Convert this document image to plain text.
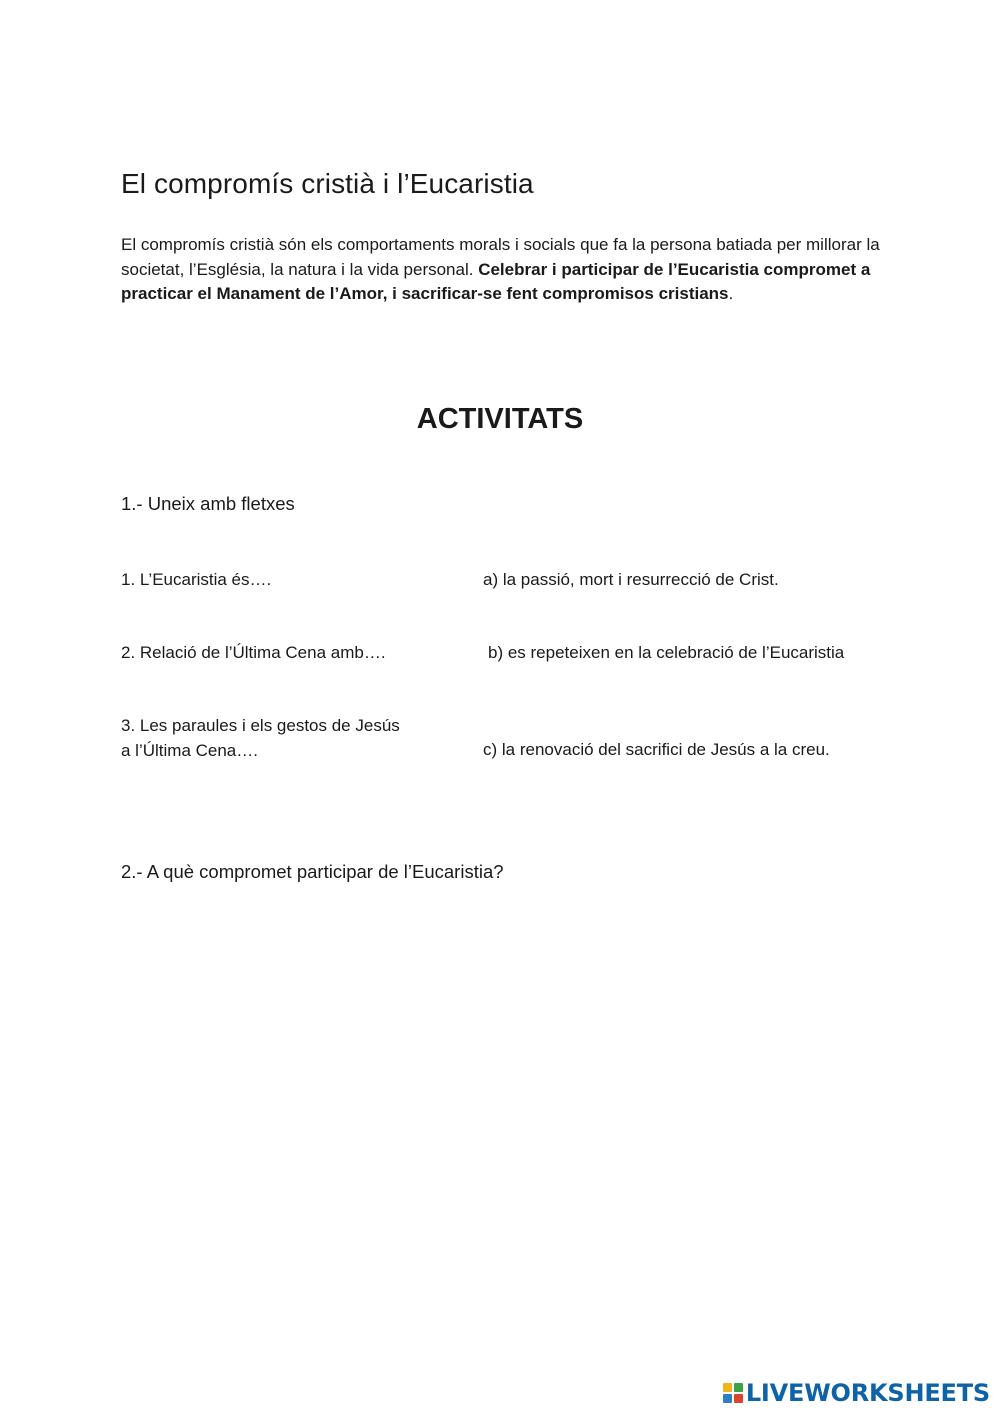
El compromís cristià i l’Eucaristia

El compromís cristià són els comportaments morals i socials que fa la persona batiada per millorar la societat, l’Església, la natura i la vida personal. Celebrar i participar de l’Eucaristia compromet a practicar el Manament de l’Amor, i sacrificar-se fent compromisos cristians.

ACTIVITATS

1.- Uneix amb fletxes

1. L’Eucaristia és….
2. Relació de l’Última Cena amb….
3. Les paraules i els gestos de Jesús
a l’Última Cena….
a) la passió, mort i resurrecció de Crist.
b) es repeteixen en la celebració de l’Eucaristia
c) la renovació del sacrifici de Jesús a la creu.

2.- A què compromet participar de l’Eucaristia?

LIVEWORKSHEETS
